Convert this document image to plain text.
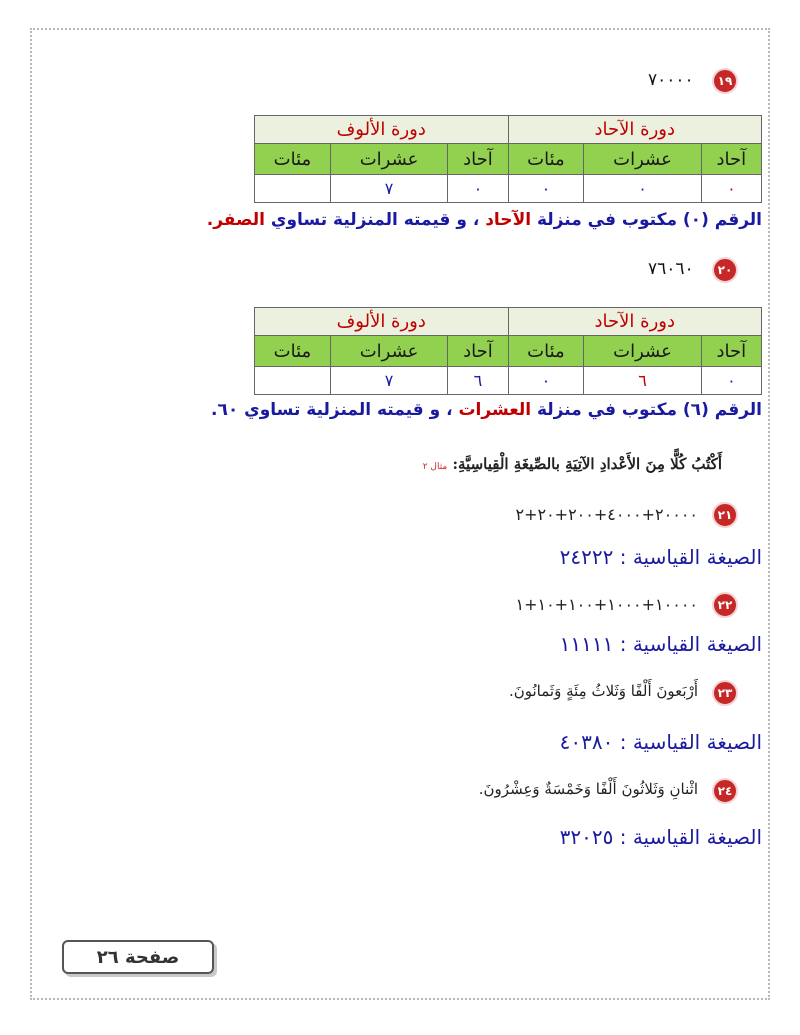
١٩
٧٠٠٠٠
دورة الآحاد			دورة الألوف		
آحاد	عشرات	مئات	آحاد	عشرات	مئات
٠	٠	٠	٠	٧	
الرقم (٠) مكتوب في منزلة الآحاد ، و قيمته المنزلية تساوي الصفر.
٢٠
٧٦٠٦٠
دورة الآحاد			دورة الألوف		
آحاد	عشرات	مئات	آحاد	عشرات	مئات
٠	٦	٠	٦	٧	
الرقم (٦) مكتوب في منزلة العشرات ، و قيمته المنزلية تساوي ٦٠.
أَكْتُبُ كُلًّا مِنَ الأَعْدادِ الآتِيَةِ بالصِّيغَةِ الْقِياسِيَّةِ: مثال ٢
٢١
٢٠٠٠٠+٤٠٠٠+٢٠٠+٢٠+٢
الصيغة القياسية : ٢٤٢٢٢
٢٢
١٠٠٠٠+١٠٠٠+١٠٠+١٠+١
الصيغة القياسية : ١١١١١
٢٣
أَرْبَعونَ أَلْفًا وَثَلاثُ مِئَةٍ وَثَمانُونَ.
الصيغة القياسية : ٤٠٣٨٠
٢٤
اثْنانِ وَثَلاثُونَ أَلْفًا وَخَمْسَةٌ وَعِشْرُونَ.
الصيغة القياسية : ٣٢٠٢٥
صفحة ٢٦
